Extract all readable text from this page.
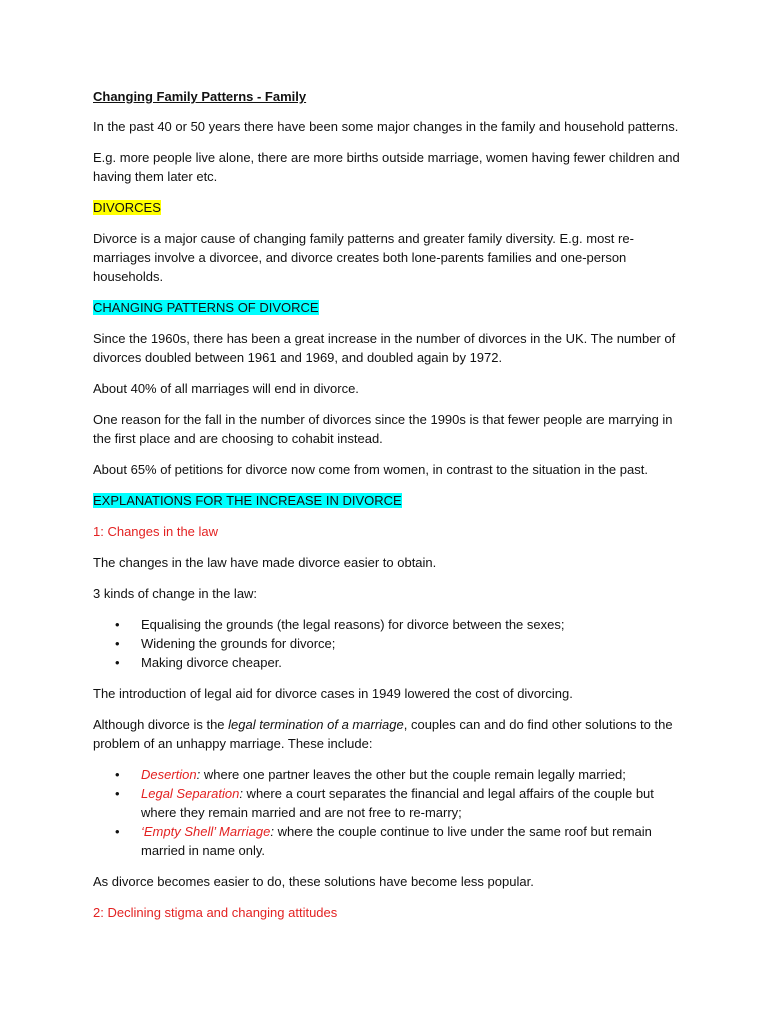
Changing Family Patterns - Family

In the past 40 or 50 years there have been some major changes in the family and household patterns.

E.g. more people live alone, there are more births outside marriage, women having fewer children and having them later etc.

DIVORCES

Divorce is a major cause of changing family patterns and greater family diversity. E.g. most re-marriages involve a divorcee, and divorce creates both lone-parents families and one-person households.

CHANGING PATTERNS OF DIVORCE

Since the 1960s, there has been a great increase in the number of divorces in the UK. The number of divorces doubled between 1961 and 1969, and doubled again by 1972.

About 40% of all marriages will end in divorce.

One reason for the fall in the number of divorces since the 1990s is that fewer people are marrying in the first place and are choosing to cohabit instead.

About 65% of petitions for divorce now come from women, in contrast to the situation in the past.

EXPLANATIONS FOR THE INCREASE IN DIVORCE

1: Changes in the law

The changes in the law have made divorce easier to obtain.

3 kinds of change in the law:

• Equalising the grounds (the legal reasons) for divorce between the sexes;
• Widening the grounds for divorce;
• Making divorce cheaper.

The introduction of legal aid for divorce cases in 1949 lowered the cost of divorcing.

Although divorce is the legal termination of a marriage, couples can and do find other solutions to the problem of an unhappy marriage. These include:

• Desertion: where one partner leaves the other but the couple remain legally married;
• Legal Separation: where a court separates the financial and legal affairs of the couple but where they remain married and are not free to re-marry;
• ‘Empty Shell’ Marriage: where the couple continue to live under the same roof but remain married in name only.

As divorce becomes easier to do, these solutions have become less popular.

2: Declining stigma and changing attitudes
